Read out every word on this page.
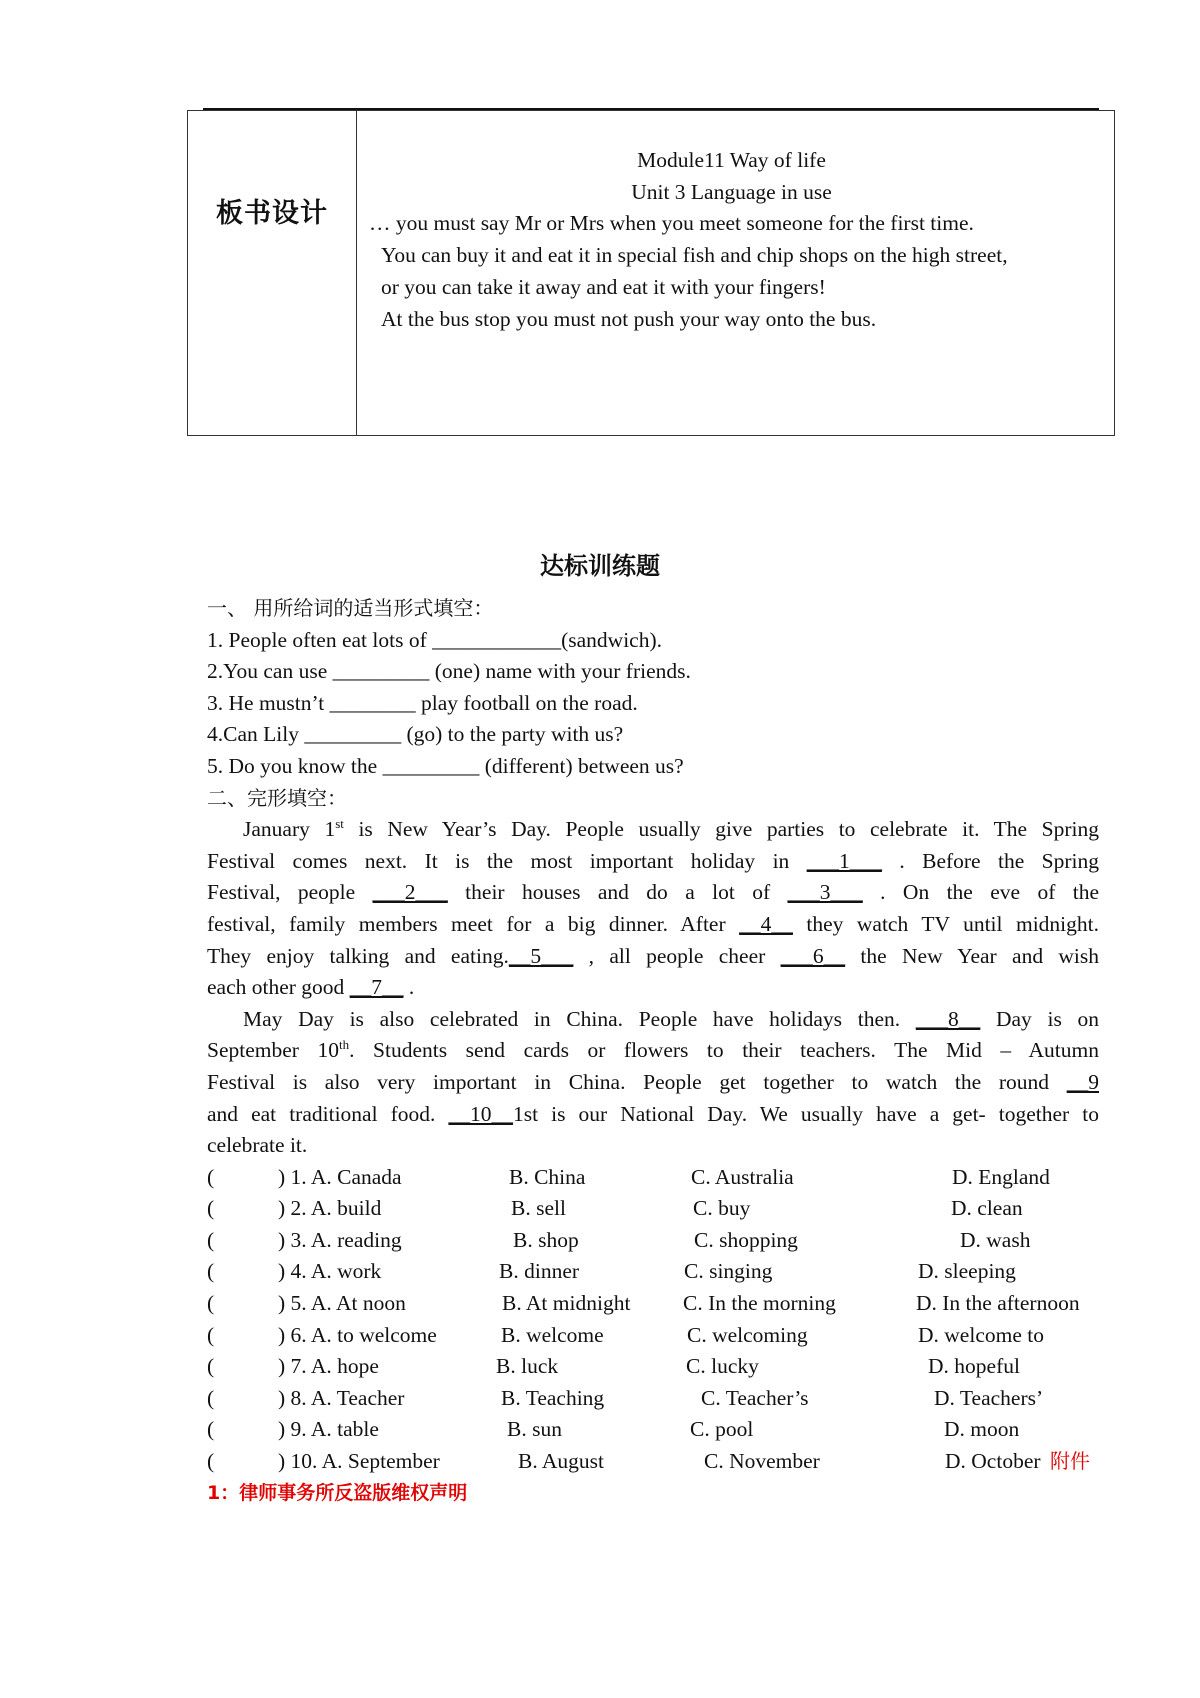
板书设计
Module11 Way of life
Unit 3 Language in use
… you must say Mr or Mrs when you meet someone for the first time.
You can buy it and eat it in special fish and chip shops on the high street,
or you can take it away and eat it with your fingers!
At the bus stop you must not push your way onto the bus.
达标训练题
一、 用所给词的适当形式填空：
1. People often eat lots of ____________(sandwich).
2.You can use _________ (one) name with your friends.
3. He mustn’t ________ play football on the road.
4.Can Lily _________ (go) to the party with us?
5. Do you know the _________ (different) between us?
二、完形填空：
January 1st is New Year’s Day. People usually give parties to celebrate it. The Spring
Festival comes next. It is the most important holiday in ___1___ . Before the Spring
Festival, people ___2___ their houses and do a lot of ___3___ . On the eve of the
festival, family members meet for a big dinner. After __4__ they watch TV until midnight.
They enjoy talking and eating.__5___ , all people cheer ___6__ the New Year and wish
each other good __7__ .
May Day is also celebrated in China. People have holidays then. ___8__ Day is on
September 10th. Students send cards or flowers to their teachers. The Mid – Autumn
Festival is also very important in China. People get together to watch the round __9
and eat traditional food. __10__1st is our National Day. We usually have a get- together to
celebrate it.
(	) 1. A. Canada	B. China	C. Australia	D. England
(	) 2. A. build	B. sell	C. buy	D. clean
(	) 3. A. reading	B. shop	C. shopping	D. wash
(	) 4. A. work	B. dinner	C. singing	D. sleeping
(	) 5. A. At noon	B. At midnight C. In the morning	D. In the afternoon
(	) 6. A. to welcome	B. welcome	C. welcoming	D. welcome to
(	) 7. A. hope	B. luck	C. lucky	D. hopeful
(	) 8. A. Teacher	B. Teaching	C. Teacher’s	D. Teachers’
(	) 9. A. table	B. sun	C. pool	D. moon
(	) 10. A. September	B. August	C. November	D. October 附件
1：律师事务所反盗版维权声明
